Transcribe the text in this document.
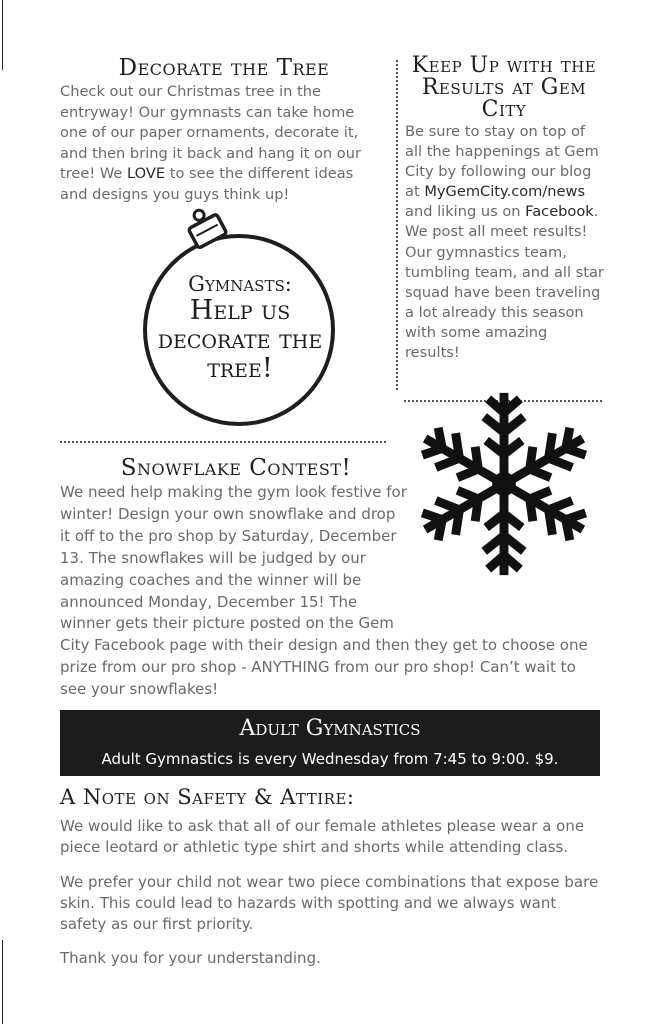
Decorate the Tree

Check out our Christmas tree in the entryway! Our gymnasts can take home one of our paper ornaments, decorate it, and then bring it back and hang it on our tree! We LOVE to see the different ideas and designs you guys think up!

Gymnasts:
Help us decorate the tree!
Keep Up with the Results at Gem City

Be sure to stay on top of all the happenings at Gem City by following our blog at MyGemCity.com/news and liking us on Facebook. We post all meet results! Our gymnastics team, tumbling team, and all star squad have been traveling a lot already this season with some amazing results!

Snowflake Contest!

We need help making the gym look festive for winter! Design your own snowflake and drop it off to the pro shop by Saturday, December 13. The snowflakes will be judged by our amazing coaches and the winner will be announced Monday, December 15! The winner gets their picture posted on the Gem City Facebook page with their design and then they get to choose one prize from our pro shop - ANYTHING from our pro shop! Can’t wait to see your snowflakes!

Adult Gymnastics
Adult Gymnastics is every Wednesday from 7:45 to 9:00. $9.
A Note on Safety & Attire:

We would like to ask that all of our female athletes please wear a one piece leotard or athletic type shirt and shorts while attending class.

We prefer your child not wear two piece combinations that expose bare skin. This could lead to hazards with spotting and we always want safety as our first priority.

Thank you for your understanding.
